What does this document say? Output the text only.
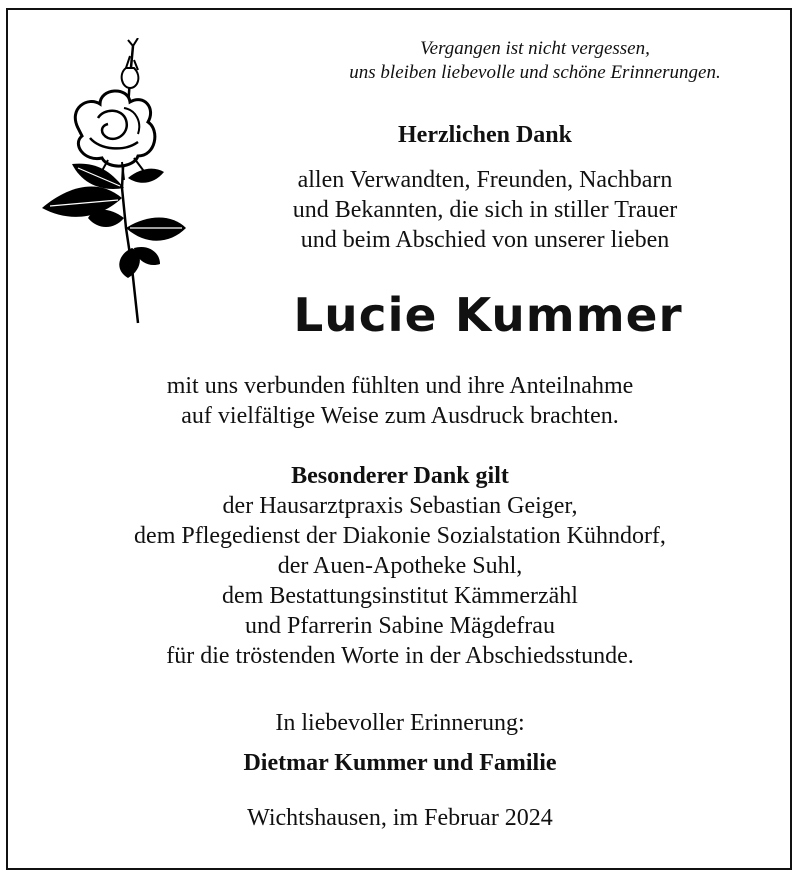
Vergangen ist nicht vergessen,
uns bleiben liebevolle und schöne Erinnerungen.
Herzlichen Dank
allen Verwandten, Freunden, Nachbarn
und Bekannten, die sich in stiller Trauer
und beim Abschied von unserer lieben
Lucie Kummer
mit uns verbunden fühlten und ihre Anteilnahme
auf vielfältige Weise zum Ausdruck brachten.
Besonderer Dank gilt
der Hausarztpraxis Sebastian Geiger,
dem Pflegedienst der Diakonie Sozialstation Kühndorf,
der Auen-Apotheke Suhl,
dem Bestattungsinstitut Kämmerzähl
und Pfarrerin Sabine Mägdefrau
für die tröstenden Worte in der Abschiedsstunde.
In liebevoller Erinnerung:
Dietmar Kummer und Familie
Wichtshausen, im Februar 2024
